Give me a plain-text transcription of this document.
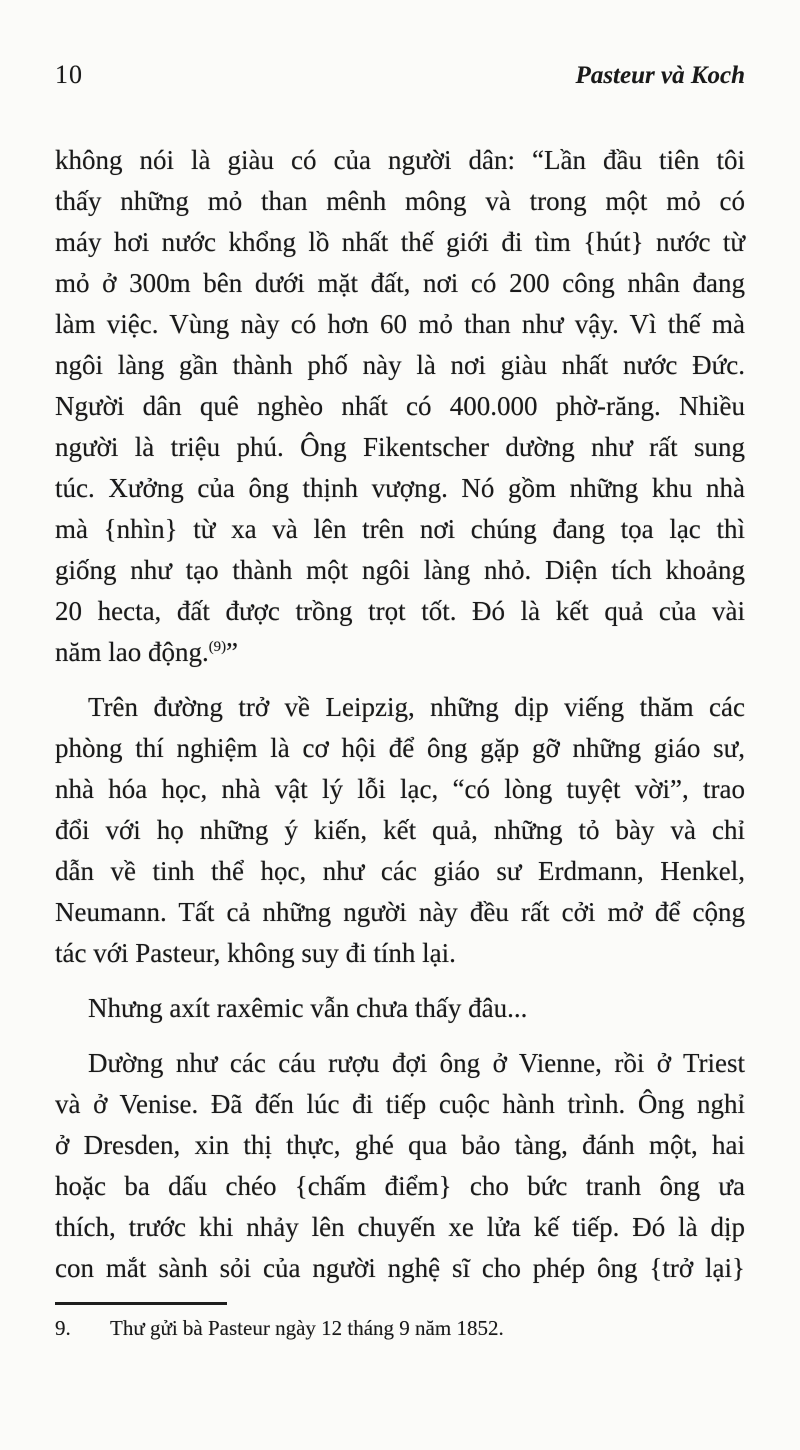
10	Pasteur và Koch
không nói là giàu có của người dân: “Lần đầu tiên tôi
thấy những mỏ than mênh mông và trong một mỏ có
máy hơi nước khổng lồ nhất thế giới đi tìm {hút} nước từ
mỏ ở 300m bên dưới mặt đất, nơi có 200 công nhân đang
làm việc. Vùng này có hơn 60 mỏ than như vậy. Vì thế mà
ngôi làng gần thành phố này là nơi giàu nhất nước Đức.
Người dân quê nghèo nhất có 400.000 phờ-răng. Nhiều
người là triệu phú. Ông Fikentscher dường như rất sung
túc. Xưởng của ông thịnh vượng. Nó gồm những khu nhà
mà {nhìn} từ xa và lên trên nơi chúng đang tọa lạc thì
giống như tạo thành một ngôi làng nhỏ. Diện tích khoảng
20 hecta, đất được trồng trọt tốt. Đó là kết quả của vài
năm lao động.$^{(9)}$”
Trên đường trở về Leipzig, những dịp viếng thăm các
phòng thí nghiệm là cơ hội để ông gặp gỡ những giáo sư,
nhà hóa học, nhà vật lý lỗi lạc, “có lòng tuyệt vời”, trao
đổi với họ những ý kiến, kết quả, những tỏ bày và chỉ
dẫn về tinh thể học, như các giáo sư Erdmann, Henkel,
Neumann. Tất cả những người này đều rất cởi mở để cộng
tác với Pasteur, không suy đi tính lại.
Nhưng axít raxêmic vẫn chưa thấy đâu...
Dường như các cáu rượu đợi ông ở Vienne, rồi ở Triest
và ở Venise. Đã đến lúc đi tiếp cuộc hành trình. Ông nghỉ
ở Dresden, xin thị thực, ghé qua bảo tàng, đánh một, hai
hoặc ba dấu chéo {chấm điểm} cho bức tranh ông ưa
thích, trước khi nhảy lên chuyến xe lửa kế tiếp. Đó là dịp
con mắt sành sỏi của người nghệ sĩ cho phép ông {trở lại}
9.	Thư gửi bà Pasteur ngày 12 tháng 9 năm 1852.
